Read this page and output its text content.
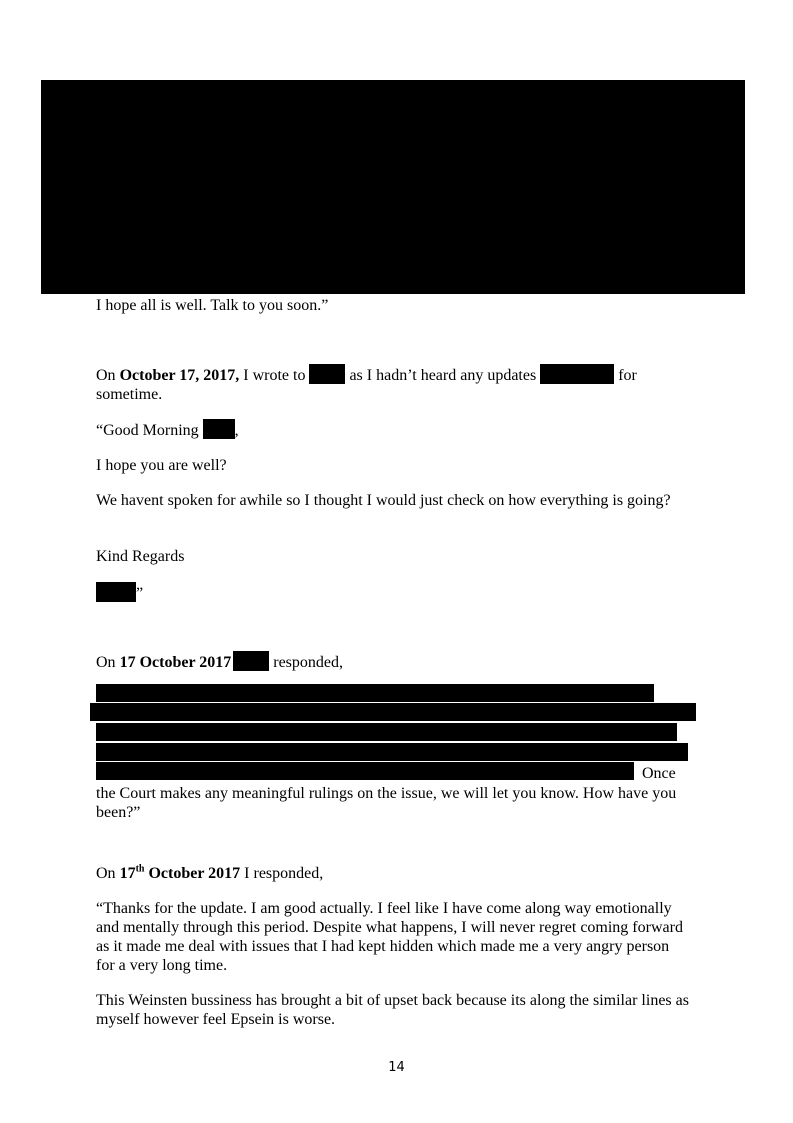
I hope all is well. Talk to you soon.”
On October 17, 2017, I wrote to  as I hadn’t heard any updates	for
sometime.
“Good Morning ,
I hope you are well?
We havent spoken for awhile so I thought I would just check on how everything is going?
Kind Regards
”
On 17 October 2017 responded,
Once
the Court makes any meaningful rulings on the issue, we will let you know. How have you been?”
On 17th October 2017 I responded,
“Thanks for the update. I am good actually. I feel like I have come along way emotionally and mentally through this period. Despite what happens, I will never regret coming forward as it made me deal with issues that I had kept hidden which made me a very angry person for a very long time.
This Weinsten bussiness has brought a bit of upset back because its along the similar lines as myself however feel Epsein is worse.
14
